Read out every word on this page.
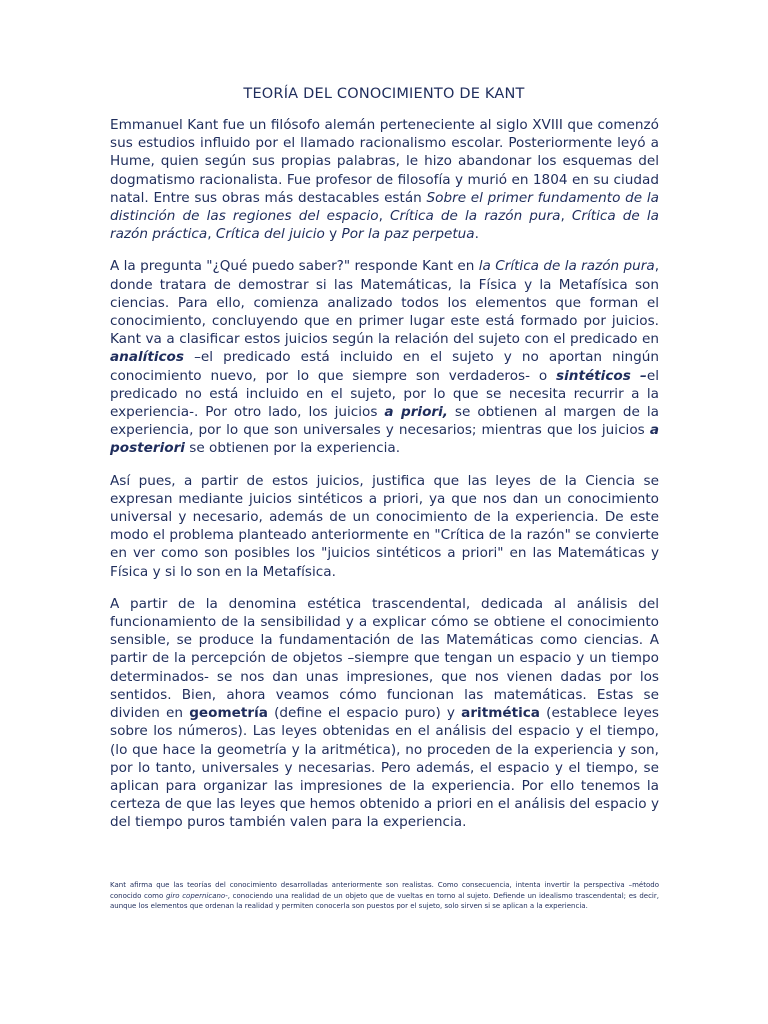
TEORÍA DEL CONOCIMIENTO DE KANT

Emmanuel Kant fue un filósofo alemán perteneciente al siglo XVIII que comenzó sus estudios influido por el llamado racionalismo escolar. Posteriormente leyó a Hume, quien según sus propias palabras, le hizo abandonar los esquemas del dogmatismo racionalista. Fue profesor de filosofía y murió en 1804 en su ciudad natal. Entre sus obras más destacables están Sobre el primer fundamento de la distinción de las regiones del espacio, Crítica de la razón pura, Crítica de la razón práctica, Crítica del juicio y Por la paz perpetua.

A la pregunta "¿Qué puedo saber?" responde Kant en la Crítica de la razón pura, donde tratara de demostrar si las Matemáticas, la Física y la Metafísica son ciencias. Para ello, comienza analizado todos los elementos que forman el conocimiento, concluyendo que en primer lugar este está formado por juicios. Kant va a clasificar estos juicios según la relación del sujeto con el predicado en analíticos –el predicado está incluido en el sujeto y no aportan ningún conocimiento nuevo, por lo que siempre son verdaderos- o sintéticos –el predicado no está incluido en el sujeto, por lo que se necesita recurrir a la experiencia-. Por otro lado, los juicios a priori, se obtienen al margen de la experiencia, por lo que son universales y necesarios; mientras que los juicios a posteriori se obtienen por la experiencia.

Así pues, a partir de estos juicios, justifica que las leyes de la Ciencia se expresan mediante juicios sintéticos a priori, ya que nos dan un conocimiento universal y necesario, además de un conocimiento de la experiencia. De este modo el problema planteado anteriormente en "Crítica de la razón" se convierte en ver como son posibles los "juicios sintéticos a priori" en las Matemáticas y Física y si lo son en la Metafísica.

A partir de la denomina estética trascendental, dedicada al análisis del funcionamiento de la sensibilidad y a explicar cómo se obtiene el conocimiento sensible, se produce la fundamentación de las Matemáticas como ciencias. A partir de la percepción de objetos –siempre que tengan un espacio y un tiempo determinados- se nos dan unas impresiones, que nos vienen dadas por los sentidos. Bien, ahora veamos cómo funcionan las matemáticas. Estas se dividen en geometría (define el espacio puro) y aritmética (establece leyes sobre los números). Las leyes obtenidas en el análisis del espacio y el tiempo, (lo que hace la geometría y la aritmética), no proceden de la experiencia y son, por lo tanto, universales y necesarias. Pero además, el espacio y el tiempo, se aplican para organizar las impresiones de la experiencia. Por ello tenemos la certeza de que las leyes que hemos obtenido a priori en el análisis del espacio y del tiempo puros también valen para la experiencia.

Kant afirma que las teorías del conocimiento desarrolladas anteriormente son realistas. Como consecuencia, intenta invertir la perspectiva –método conocido como giro copernicano-, conociendo una realidad de un objeto que de vueltas en torno al sujeto. Defiende un idealismo trascendental; es decir, aunque los elementos que ordenan la realidad y permiten conocerla son puestos por el sujeto, solo sirven si se aplican a la experiencia.
